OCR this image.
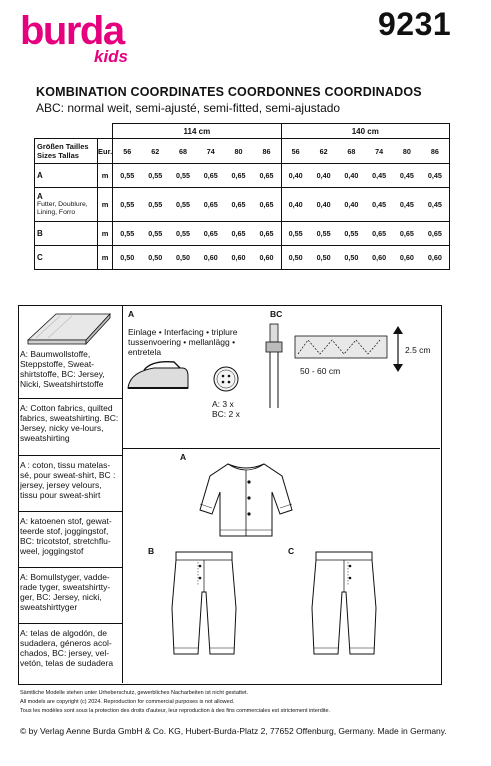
burda
kids
9231
KOMBINATION COORDINATES COORDONNES COORDINADOS
ABC: normal weit, semi-ajusté, semi-fitted, semi-ajustado
		114 cm						140 cm					

Größen Tailles
Sizes Tallas	Eur.	56	62	68	74	80	86	56	62	68	74	80	86

A	m	0,55	0,55	0,55	0,65	0,65	0,65	0,40	0,40	0,40	0,45	0,45	0,45

A
Futter, Doublure, Lining, Forro	m	0,55	0,55	0,55	0,65	0,65	0,65	0,40	0,40	0,40	0,45	0,45	0,45

B	m	0,55	0,55	0,55	0,65	0,65	0,65	0,55	0,55	0,55	0,65	0,65	0,65

C	m	0,50	0,50	0,50	0,60	0,60	0,60	0,50	0,50	0,50	0,60	0,60	0,60
A: Baumwollstoffe, Steppstoffe, Sweat-shirtstoffe, BC: Jersey, Nicki, Sweatshirtstoffe
A: Cotton fabrics, quilted fabrics, sweatshirting. BC: Jersey, nicky ve-lours, sweatshirting
A : coton, tissu matelas-sé, pour sweat-shirt, BC : jersey, jersey velours, tissu pour sweat-shirt
A: katoenen stof, gewat-teerde stof, joggingstof, BC: tricotstof, stretchflu-weel, joggingstof
A: Bomullstyger, vadde-rade tyger, sweatshirtty-ger, BC: Jersey, nicki, sweatshirttyger
A: telas de algodón, de sudadera, géneros acol-chados, BC: jersey, vel-vetón, telas de sudadera
A
Einlage • Interfacing • triplure
tussenvoering • mellanlägg •
entretela
A: 3 x
BC: 2 x
BC
2.5 cm
50 - 60 cm
A
B	C
Sämtliche Modelle stehen unter Urheberschutz, gewerbliches Nacharbeiten ist nicht gestattet.
All models are copyright (c) 2024. Reproduction for commercial purposes is not allowed.
Tous les modèles sont sous la protection des droits d'auteur, leur reproduction à des fins commerciales est strictement interdite.
© by Verlag Aenne Burda GmbH & Co. KG, Hubert-Burda-Platz 2, 77652 Offenburg, Germany. Made in Germany.
